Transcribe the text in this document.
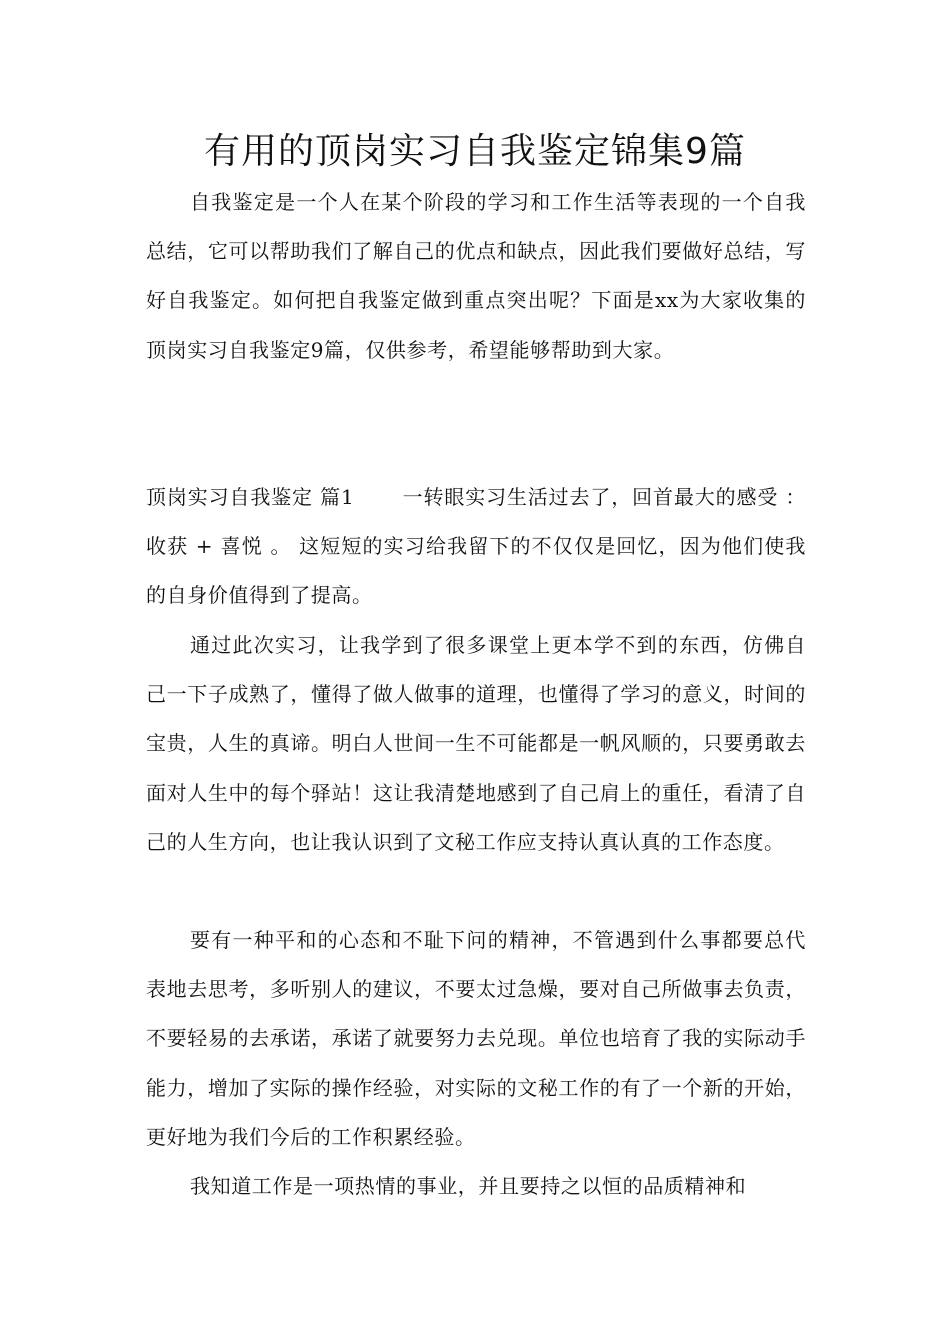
有用的顶岗实习自我鉴定锦集9篇

自我鉴定是一个人在某个阶段的学习和工作生活等表现的一个自我总结，它可以帮助我们了解自己的优点和缺点，因此我们要做好总结，写好自我鉴定。如何把自我鉴定做到重点突出呢？下面是xx为大家收集的顶岗实习自我鉴定9篇，仅供参考，希望能够帮助到大家。

顶岗实习自我鉴定 篇1 一转眼实习生活过去了，回首最大的感受 ： 收获 + 喜悦 。 这短短的实习给我留下的不仅仅是回忆，因为他们使我的自身价值得到了提高。

通过此次实习，让我学到了很多课堂上更本学不到的东西，仿佛自己一下子成熟了，懂得了做人做事的道理，也懂得了学习的意义，时间的宝贵，人生的真谛。明白人世间一生不可能都是一帆风顺的，只要勇敢去面对人生中的每个驿站！这让我清楚地感到了自己肩上的重任，看清了自己的人生方向，也让我认识到了文秘工作应支持认真认真的工作态度。

要有一种平和的心态和不耻下问的精神，不管遇到什么事都要总代表地去思考，多听别人的建议，不要太过急燥，要对自己所做事去负责，不要轻易的去承诺，承诺了就要努力去兑现。单位也培育了我的实际动手能力，增加了实际的操作经验，对实际的文秘工作的有了一个新的开始，更好地为我们今后的工作积累经验。

我知道工作是一项热情的事业，并且要持之以恒的品质精神和
